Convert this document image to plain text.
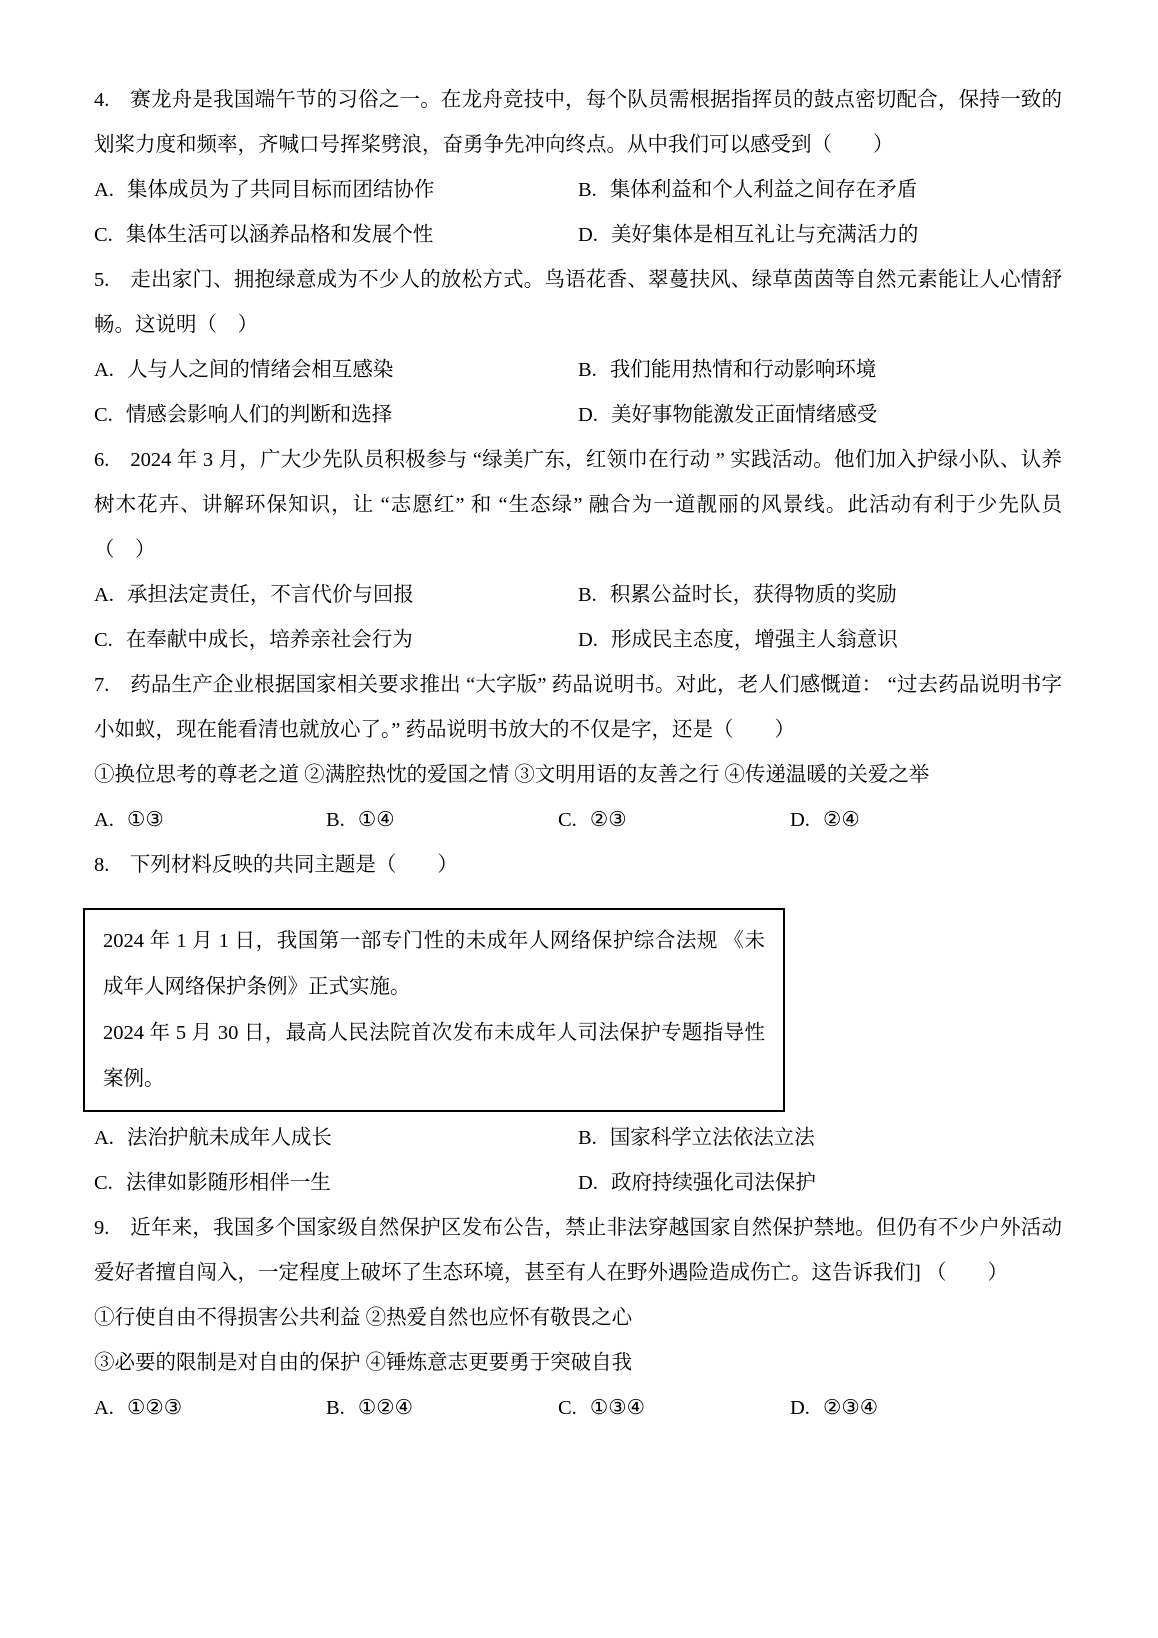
4.　赛龙舟是我国端午节的习俗之一。在龙舟竞技中，每个队员需根据指挥员的鼓点密切配合，保持一致的划桨力度和频率，齐喊口号挥桨劈浪，奋勇争先冲向终点。从中我们可以感受到（　　）

A. 集体成员为了共同目标而团结协作	B. 集体利益和个人利益之间存在矛盾
C. 集体生活可以涵养品格和发展个性	D. 美好集体是相互礼让与充满活力的

5.　走出家门、拥抱绿意成为不少人的放松方式。鸟语花香、翠蔓扶风、绿草茵茵等自然元素能让人心情舒畅。这说明（　）

A. 人与人之间的情绪会相互感染	B. 我们能用热情和行动影响环境
C. 情感会影响人们的判断和选择	D. 美好事物能激发正面情绪感受

6.　2024 年 3 月，广大少先队员积极参与 “绿美广东，红领巾在行动 ” 实践活动。他们加入护绿小队、认养树木花卉、讲解环保知识，让 “志愿红” 和 “生态绿” 融合为一道靓丽的风景线。此活动有利于少先队员（　）

A. 承担法定责任，不言代价与回报	B. 积累公益时长，获得物质的奖励
C. 在奉献中成长，培养亲社会行为	D. 形成民主态度，增强主人翁意识

7.　药品生产企业根据国家相关要求推出 “大字版” 药品说明书。对此，老人们感慨道： “过去药品说明书字小如蚁，现在能看清也就放心了。” 药品说明书放大的不仅是字，还是（　　）

①换位思考的尊老之道 ②满腔热忱的爱国之情 ③文明用语的友善之行 ④传递温暖的关爱之举

A. ①③	B. ①④	C. ②③	D. ②④

8.　下列材料反映的共同主题是（　　）

2024 年 1 月 1 日，我国第一部专门性的未成年人网络保护综合法规 《未成年人网络保护条例》正式实施。

2024 年 5 月 30 日，最高人民法院首次发布未成年人司法保护专题指导性案例。

A. 法治护航未成年人成长	B. 国家科学立法依法立法
C. 法律如影随形相伴一生	D. 政府持续强化司法保护

9.　近年来，我国多个国家级自然保护区发布公告，禁止非法穿越国家自然保护禁地。但仍有不少户外活动爱好者擅自闯入，一定程度上破坏了生态环境，甚至有人在野外遇险造成伤亡。这告诉我们] （　　）

①行使自由不得损害公共利益 ②热爱自然也应怀有敬畏之心

③必要的限制是对自由的保护 ④锤炼意志更要勇于突破自我

A. ①②③	B. ①②④	C. ①③④	D. ②③④
